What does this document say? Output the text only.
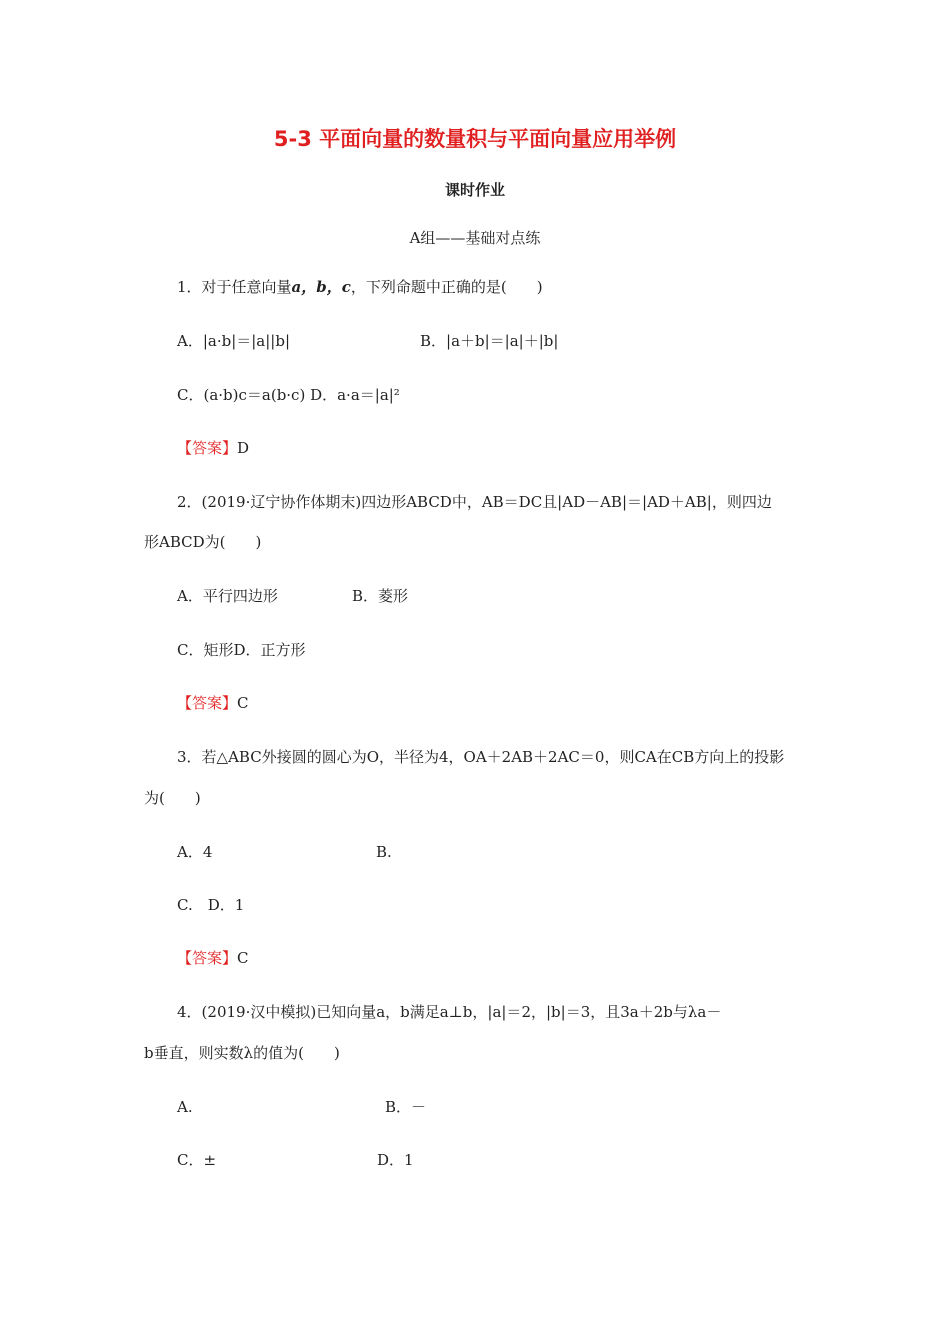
5-3 平面向量的数量积与平面向量应用举例
课时作业
A组——基础对点练
1．对于任意向量a，b，c，下列命题中正确的是(　　)
A．|a·b|＝|a||b|	B．|a＋b|＝|a|＋|b|
C．(a·b)c＝a(b·c) D．a·a＝|a|²
【答案】D
2．(2019·辽宁协作体期末)四边形ABCD中，AB＝DC且|AD－AB|＝|AD＋AB|，则四边
形ABCD为(　　)
A．平行四边形	B．菱形
C．矩形D．正方形
【答案】C
3．若△ABC外接圆的圆心为O，半径为4，OA＋2AB＋2AC＝0，则CA在CB方向上的投影
为(　　)
A．4	B.
C.　D．1
【答案】C
4．(2019·汉中模拟)已知向量a，b满足a⊥b，|a|＝2，|b|＝3，且3a＋2b与λa－
b垂直，则实数λ的值为(　　)
A.	B．－
C．±	D．1
